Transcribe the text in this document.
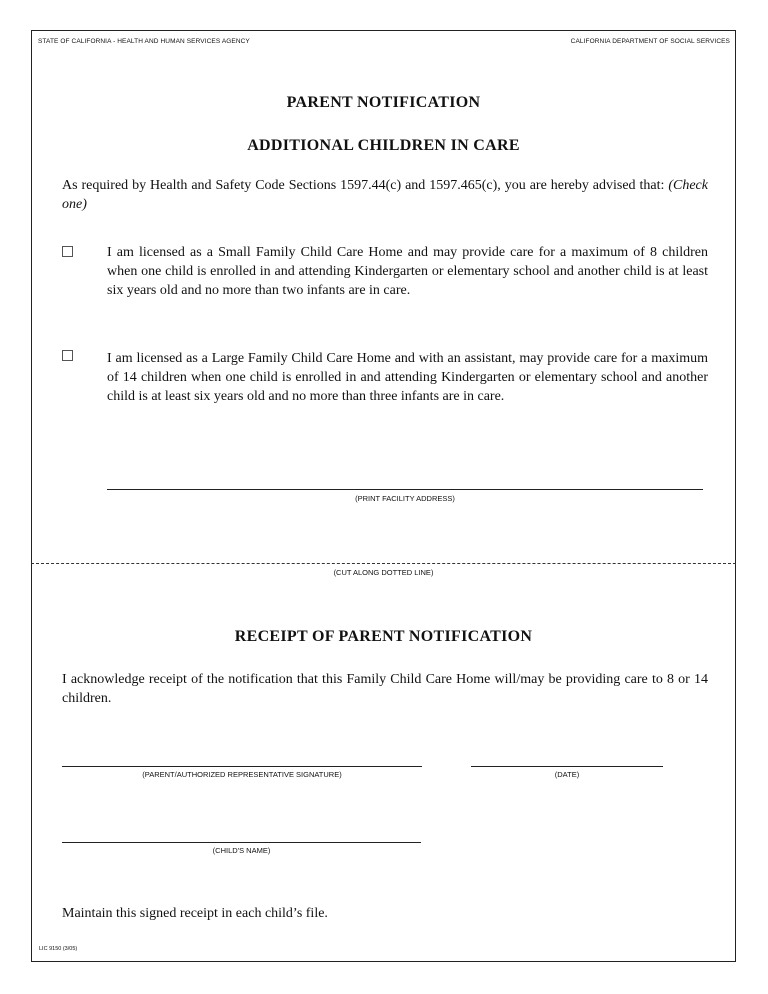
STATE OF CALIFORNIA - HEALTH AND HUMAN SERVICES AGENCY	CALIFORNIA DEPARTMENT OF SOCIAL SERVICES
PARENT NOTIFICATION
ADDITIONAL CHILDREN IN CARE
As required by Health and Safety Code Sections 1597.44(c) and 1597.465(c), you are hereby advised that: (Check one)
I am licensed as a Small Family Child Care Home and may provide care for a maximum of 8 children when one child is enrolled in and attending Kindergarten or elementary school and another child is at least six years old and no more than two infants are in care.
I am licensed as a Large Family Child Care Home and with an assistant, may provide care for a maximum of 14 children when one child is enrolled in and attending Kindergarten or elementary school and another child is at least six years old and no more than three infants are in care.
(PRINT FACILITY ADDRESS)
(CUT ALONG DOTTED LINE)
RECEIPT OF PARENT NOTIFICATION
I acknowledge receipt of the notification that this Family Child Care Home will/may be providing care to 8 or 14 children.
(PARENT/AUTHORIZED REPRESENTATIVE SIGNATURE)	(DATE)
(CHILD'S NAME)
Maintain this signed receipt in each child’s file.
LIC 9150 (3/05)
